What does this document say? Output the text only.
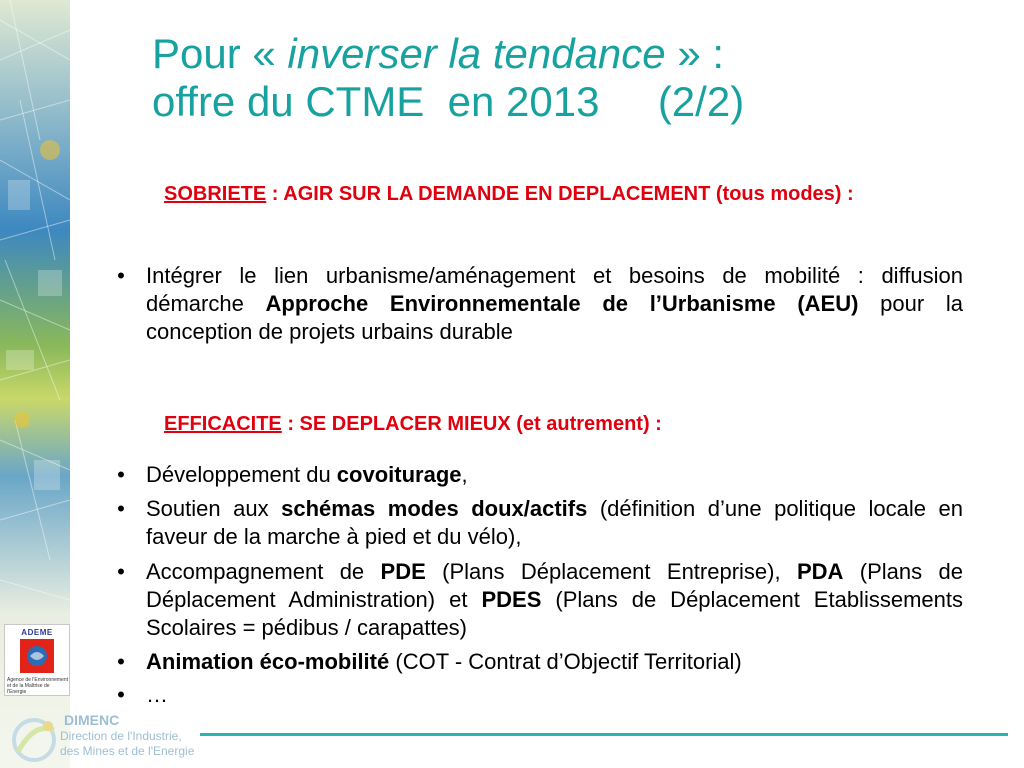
ADEME
Agence de l'Environnement et de la Maîtrise de l'Energie
DIMENC
Direction de l'Industrie,
des Mines et de l'Energie
Pour « inverser la tendance » :
offre du CTME  en 2013     (2/2)
SOBRIETE : AGIR SUR LA DEMANDE EN DEPLACEMENT (tous modes) :
• Intégrer le lien urbanisme/aménagement et besoins de mobilité : diffusion démarche Approche Environnementale de l’Urbanisme (AEU) pour la conception de projets urbains durable
EFFICACITE : SE DEPLACER MIEUX (et autrement) :
• Développement du covoiturage,
• Soutien aux schémas modes doux/actifs (définition d’une politique locale en faveur de la marche à pied et du vélo),
• Accompagnement de PDE (Plans Déplacement Entreprise), PDA (Plans de Déplacement Administration) et PDES (Plans de Déplacement Etablissements Scolaires = pédibus / carapattes)
• Animation éco-mobilité (COT - Contrat d’Objectif Territorial)
• …
